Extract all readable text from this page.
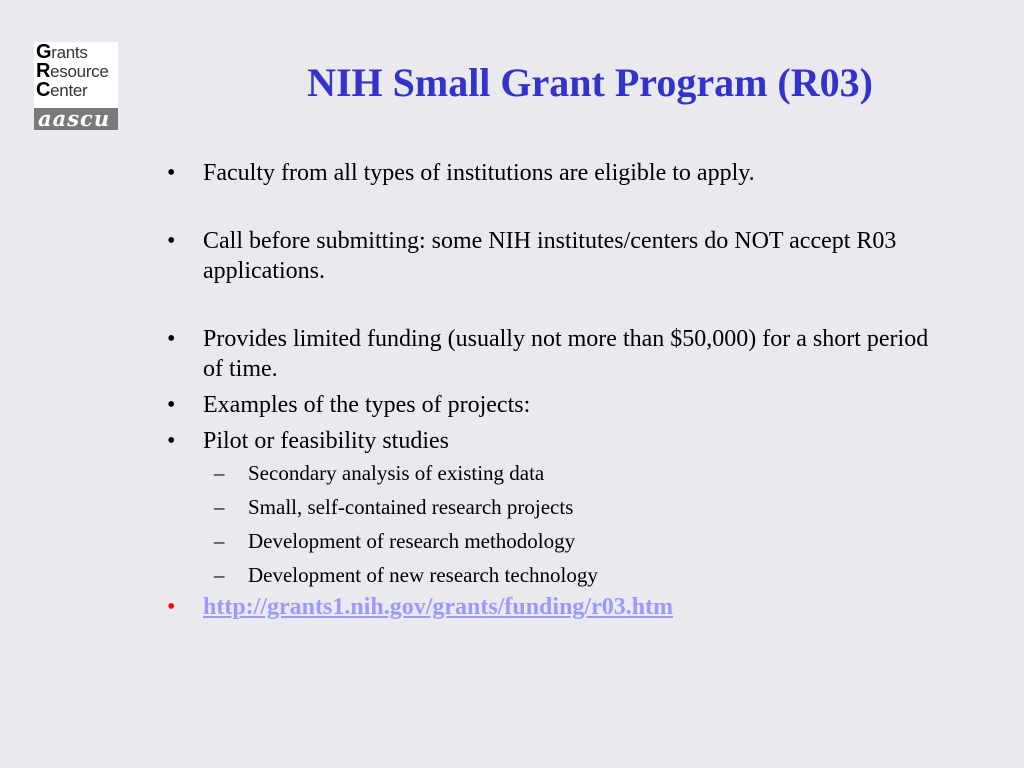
Grants
Resource
Center
aascu
NIH Small Grant Program (R03)
• Faculty from all types of institutions are eligible to apply.
• Call before submitting: some NIH institutes/centers do NOT accept R03 applications.
• Provides limited funding (usually not more than $50,000) for a short period of time.
• Examples of the types of projects:
• Pilot or feasibility studies
– Secondary analysis of existing data
– Small, self-contained research projects
– Development of research methodology
– Development of new research technology
• http://grants1.nih.gov/grants/funding/r03.htm
